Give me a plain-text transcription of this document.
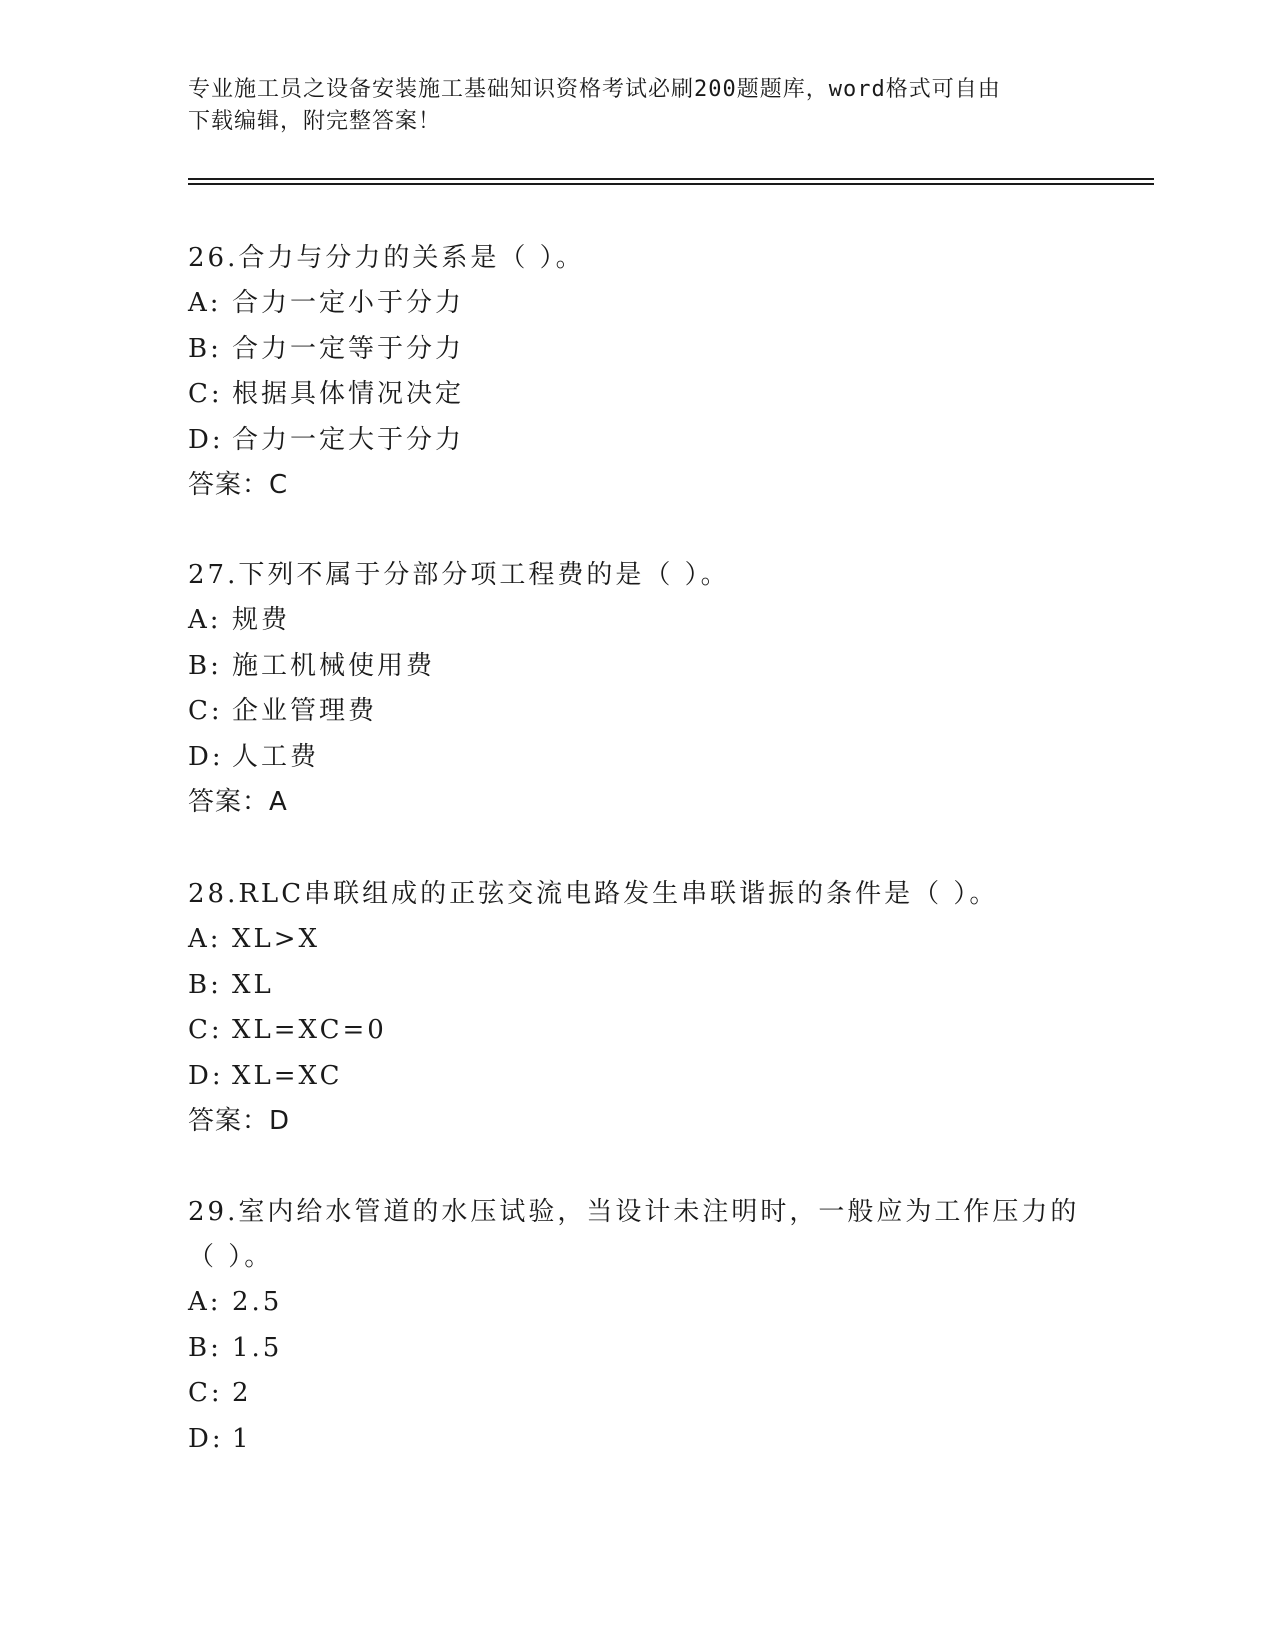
专业施工员之设备安装施工基础知识资格考试必刷200题题库，word格式可自由
下载编辑，附完整答案！
26.合力与分力的关系是（ ）。
A: 合力一定小于分力
B: 合力一定等于分力
C: 根据具体情况决定
D: 合力一定大于分力
答案：C
27.下列不属于分部分项工程费的是（ ）。
A: 规费
B: 施工机械使用费
C: 企业管理费
D: 人工费
答案：A
28.RLC串联组成的正弦交流电路发生串联谐振的条件是（ ）。
A: XL>X
B: XL
C: XL=XC=0
D: XL=XC
答案：D
29.室内给水管道的水压试验，当设计未注明时，一般应为工作压力的（ ）。
A: 2.5
B: 1.5
C: 2
D: 1
